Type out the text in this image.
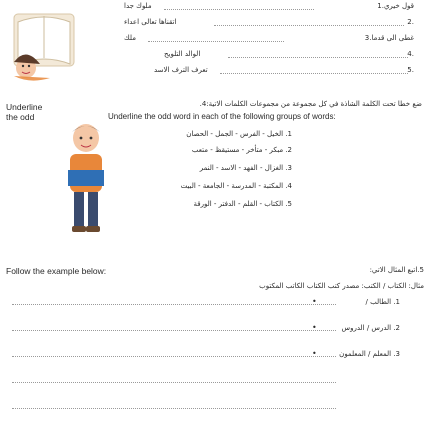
ملوك جدا	قول خيري.1
اتقناها تعالى اعداء	.2
ملك	غطى الى قدما.3
الوالد التلويح	.4
تعرف الترف الاسد	.5
Underline
the odd	Underline the odd word in each of the following groups of words:
ضع خطا تحت الكلمة الشاذة في كل مجموعة من مجموعات الكلمات الاتية:4.
1. الخيل - الفرس - الجمل - الحصان
2. مبكر - متأخر - مستيقظ - متعب
3. الغزال - الفهد - الاسد - النمر
4. المكتبة - المدرسة - الجامعة - البيت
5. الكتاب - القلم - الدفتر - الورقة
Follow the example below:	5.اتبع المثال الاتي:
مثال: الكتاب / الكتب: مصدر كتب الكتاب الكاتب المكتوب
•	1. الطالب /
•	2. الدرس / الدروس
•	3. المعلم / المعلمون
